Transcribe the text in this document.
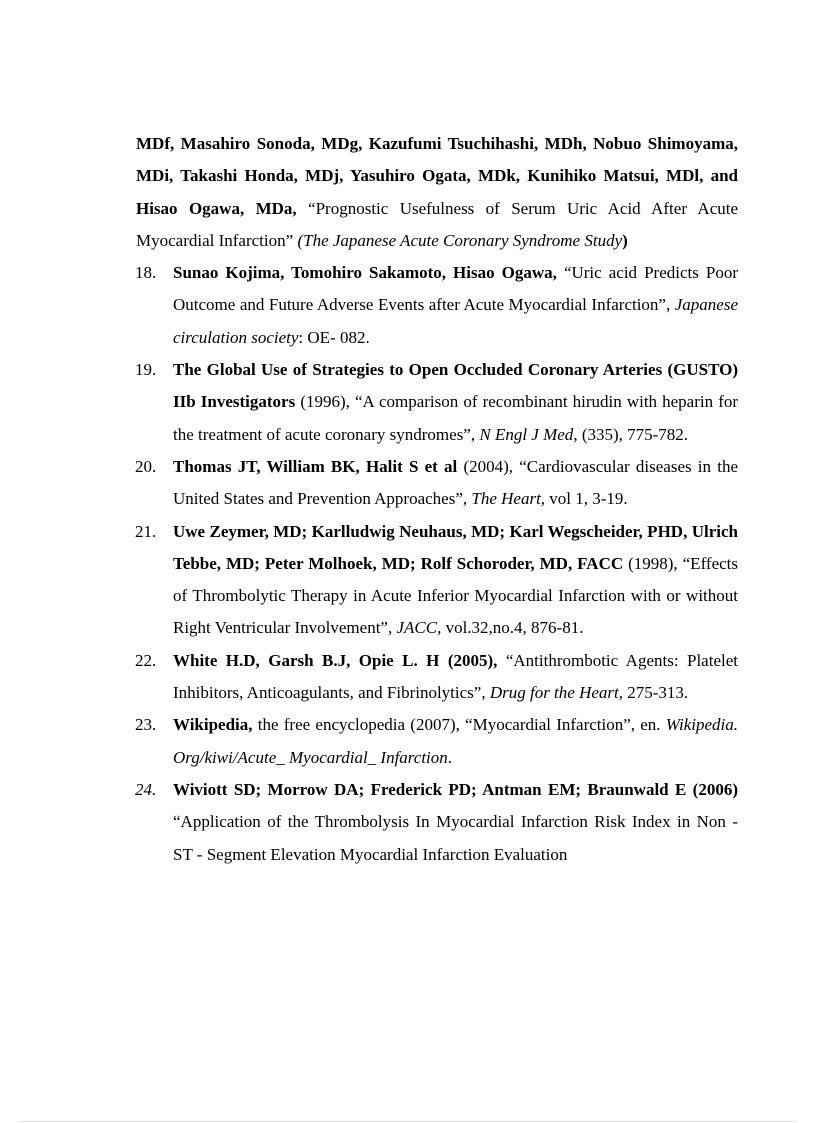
MDf, Masahiro Sonoda, MDg, Kazufumi Tsuchihashi, MDh, Nobuo Shimoyama, MDi, Takashi Honda, MDj, Yasuhiro Ogata, MDk, Kunihiko Matsui, MDl, and Hisao Ogawa, MDa, “Prognostic Usefulness of Serum Uric Acid After Acute Myocardial Infarction” (The Japanese Acute Coronary Syndrome Study)

18. Sunao Kojima, Tomohiro Sakamoto, Hisao Ogawa, “Uric acid Predicts Poor Outcome and Future Adverse Events after Acute Myocardial Infarction”, Japanese circulation society: OE- 082.

19. The Global Use of Strategies to Open Occluded Coronary Arteries (GUSTO) IIb Investigators (1996), “A comparison of recombinant hirudin with heparin for the treatment of acute coronary syndromes”, N Engl J Med, (335), 775-782.

20. Thomas JT, William BK, Halit S et al (2004), “Cardiovascular diseases in the United States and Prevention Approaches”, The Heart, vol 1, 3-19.

21. Uwe Zeymer, MD; Karlludwig Neuhaus, MD; Karl Wegscheider, PHD, Ulrich Tebbe, MD; Peter Molhoek, MD; Rolf Schoroder, MD, FACC (1998), “Effects of Thrombolytic Therapy in Acute Inferior Myocardial Infarction with or without Right Ventricular Involvement”, JACC, vol.32,no.4, 876-81.

22. White H.D, Garsh B.J, Opie L. H (2005), “Antithrombotic Agents: Platelet Inhibitors, Anticoagulants, and Fibrinolytics”, Drug for the Heart, 275-313.

23. Wikipedia, the free encyclopedia (2007), “Myocardial Infarction”, en. Wikipedia. Org/kiwi/Acute_ Myocardial_ Infarction.

24. Wiviott SD; Morrow DA; Frederick PD; Antman EM; Braunwald E (2006) “Application of the Thrombolysis In Myocardial Infarction Risk Index in Non - ST - Segment Elevation Myocardial Infarction Evaluation
